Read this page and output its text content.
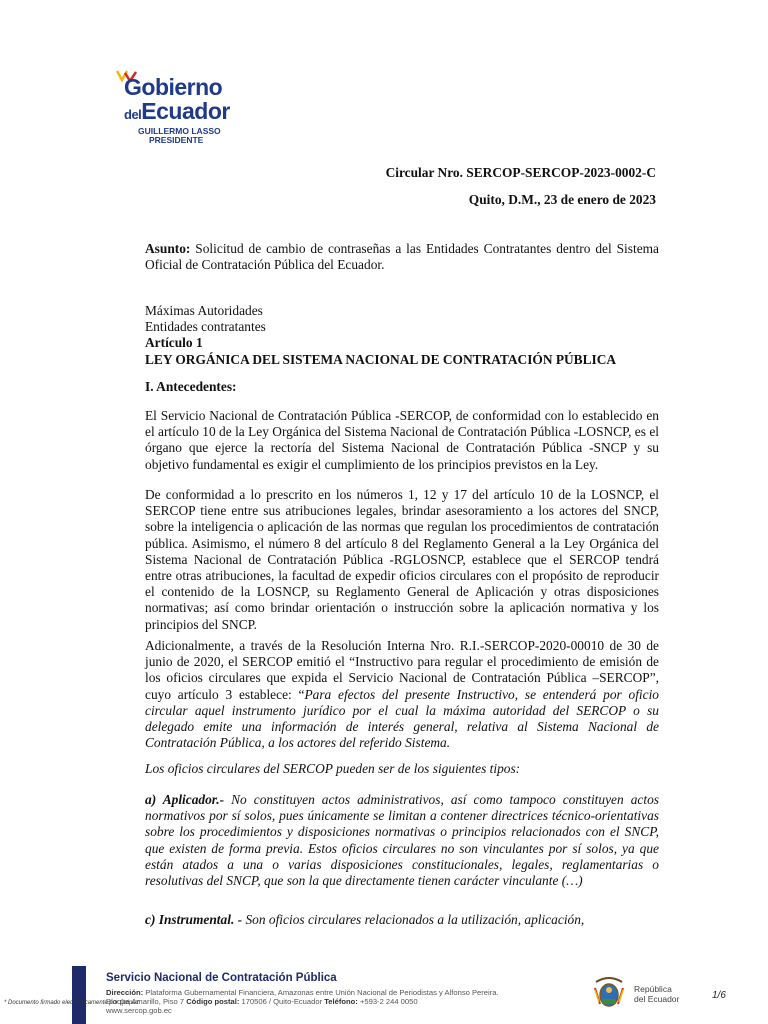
Gobierno
delEcuador
GUILLERMO LASSO
PRESIDENTE
Circular Nro. SERCOP-SERCOP-2023-0002-C
Quito, D.M., 23 de enero de 2023

Asunto: Solicitud de cambio de contraseñas a las Entidades Contratantes dentro del Sistema Oficial de Contratación Pública del Ecuador.

Máximas Autoridades

Entidades contratantes

Artículo 1

LEY ORGÁNICA DEL SISTEMA NACIONAL DE CONTRATACIÓN PÚBLICA

I. Antecedentes:
El Servicio Nacional de Contratación Pública -SERCOP, de conformidad con lo establecido en el artículo 10 de la Ley Orgánica del Sistema Nacional de Contratación Pública -LOSNCP, es el órgano que ejerce la rectoría del Sistema Nacional de Contratación Pública -SNCP y su objetivo fundamental es exigir el cumplimiento de los principios previstos en la Ley.
De conformidad a lo prescrito en los números 1, 12 y 17 del artículo 10 de la LOSNCP, el SERCOP tiene entre sus atribuciones legales, brindar asesoramiento a los actores del SNCP, sobre la inteligencia o aplicación de las normas que regulan los procedimientos de contratación pública. Asimismo, el número 8 del artículo 8 del Reglamento General a la Ley Orgánica del Sistema Nacional de Contratación Pública -RGLOSNCP, establece que el SERCOP tendrá entre otras atribuciones, la facultad de expedir oficios circulares con el propósito de reproducir el contenido de la LOSNCP, su Reglamento General de Aplicación y otras disposiciones normativas; así como brindar orientación o instrucción sobre la aplicación normativa y los principios del SNCP.

Adicionalmente, a través de la Resolución Interna Nro. R.I.-SERCOP-2020-00010 de 30 de junio de 2020, el SERCOP emitió el “Instructivo para regular el procedimiento de emisión de los oficios circulares que expida el Servicio Nacional de Contratación Pública –SERCOP”, cuyo artículo 3 establece: “Para efectos del presente Instructivo, se entenderá por oficio circular aquel instrumento jurídico por el cual la máxima autoridad del SERCOP o su delegado emite una información de interés general, relativa al Sistema Nacional de Contratación Pública, a los actores del referido Sistema.

Los oficios circulares del SERCOP pueden ser de los siguientes tipos:

a) Aplicador.- No constituyen actos administrativos, así como tampoco constituyen actos normativos por sí solos, pues únicamente se limitan a contener directrices técnico-orientativas sobre los procedimientos y disposiciones normativas o principios relacionados con el SNCP, que existen de forma previa. Estos oficios circulares no son vinculantes por sí solos, ya que están atados a una o varias disposiciones constitucionales, legales, reglamentarias o resolutivas del SNCP, que son la que directamente tienen carácter vinculante (…)

c) Instrumental. - Son oficios circulares relacionados a la utilización, aplicación,

Servicio Nacional de Contratación Pública
Dirección: Plataforma Gubernamental Financiera, Amazonas entre Unión Nacional de Periodistas y Alfonso Pereira.
Bloque Amarillo, Piso 7 Código postal: 170506 / Quito-Ecuador Teléfono: +593-2 244 0050
www.sercop.gob.ec
* Documento firmado electrónicamente por Quipux
República
del Ecuador	1/6
